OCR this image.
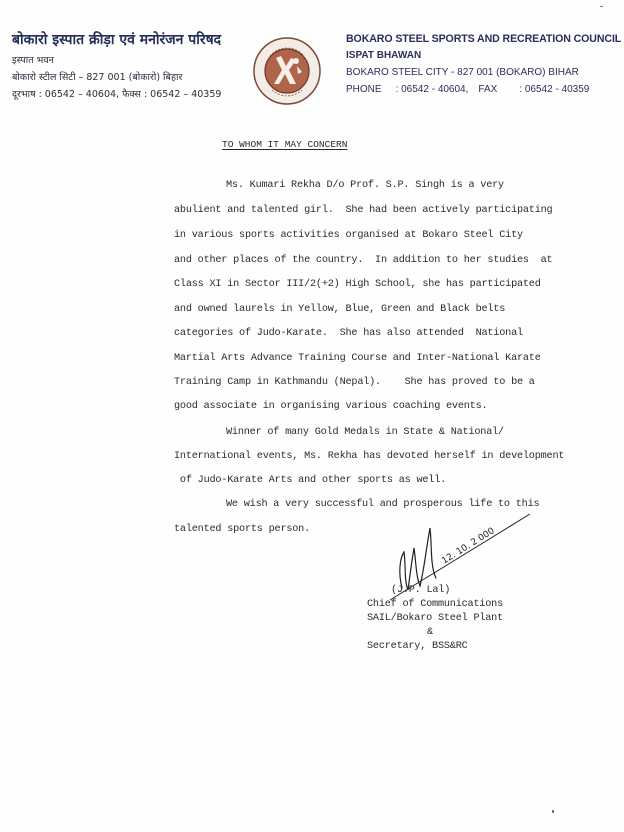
बोकारो इस्पात क्रीड़ा एवं मनोरंजन परिषद
इस्पात भवन
बोकारो स्टील सिटी – 827 001 (बोकारो) बिहार
दूरभाष : 06542 – 40604, फैक्स : 06542 – 40359
BOKARO STEEL SPORTS AND RECREATION COUNCIL
ISPAT BHAWAN
BOKARO STEEL CITY - 827 001 (BOKARO) BIHAR
PHONE : 06542 - 40604, FAX : 06542 - 40359
TO WHOM IT MAY CONCERN
Ms. Kumari Rekha D/o Prof. S.P. Singh is a very
abulient and talented girl.  She had been actively participating
in various sports activities organised at Bokaro Steel City
and other places of the country.  In addition to her studies  at
Class XI in Sector III/2(+2) High School, she has participated
and owned laurels in Yellow, Blue, Green and Black belts
categories of Judo-Karate.  She has also attended  National
Martial Arts Advance Training Course and Inter-National Karate
Training Camp in Kathmandu (Nepal).    She has proved to be a
good associate in organising various coaching events.
Winner of many Gold Medals in State & National/
International events, Ms. Rekha has devoted herself in development
of Judo-Karate Arts and other sports as well.
We wish a very successful and prosperous life to this
talented sports person.	12. 10. 2 000
(J.P. Lal)
Chief of Communications
SAIL/Bokaro Steel Plant
&
Secretary, BSS&RC
